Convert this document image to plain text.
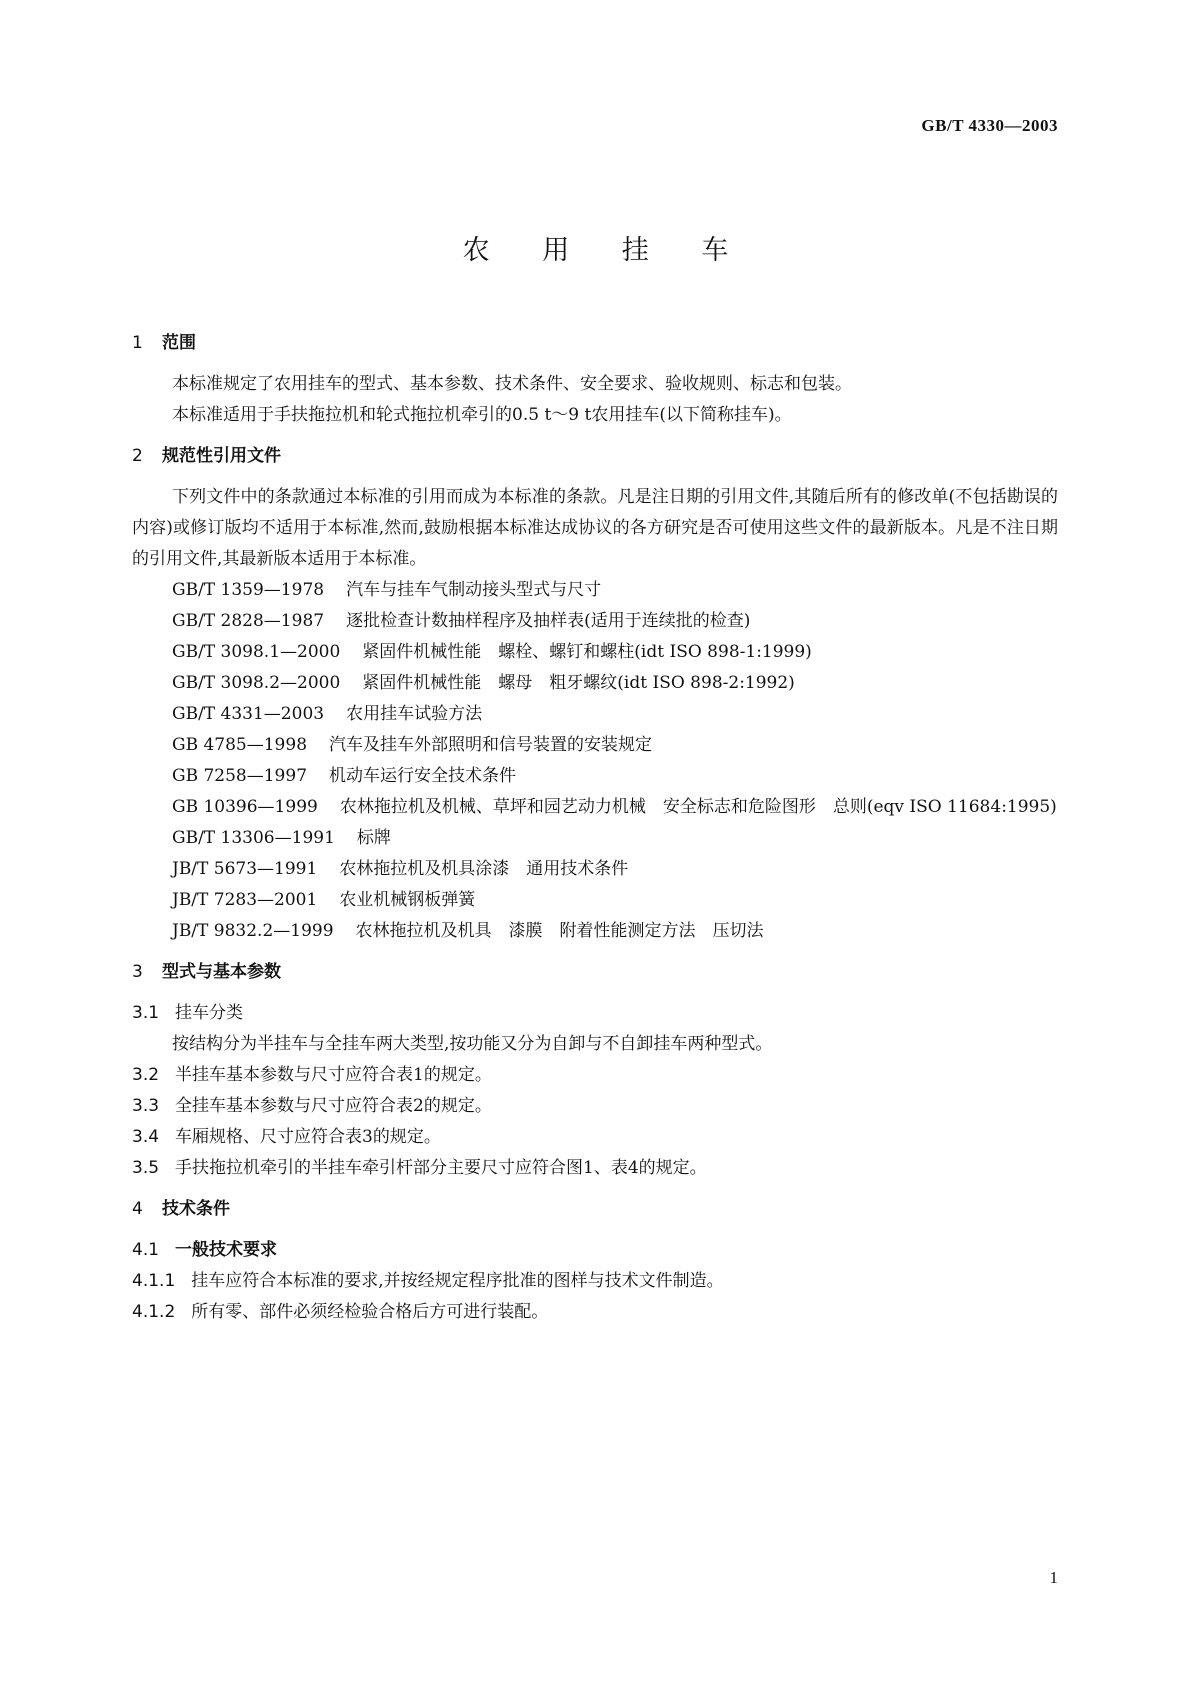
GB/T 4330—2003
农 用 挂 车
1 范围
本标准规定了农用挂车的型式、基本参数、技术条件、安全要求、验收规则、标志和包装。
本标准适用于手扶拖拉机和轮式拖拉机牵引的0.5 t～9 t农用挂车(以下简称挂车)。
2 规范性引用文件
下列文件中的条款通过本标准的引用而成为本标准的条款。凡是注日期的引用文件,其随后所有的修改单(不包括勘误的内容)或修订版均不适用于本标准,然而,鼓励根据本标准达成协议的各方研究是否可使用这些文件的最新版本。凡是不注日期的引用文件,其最新版本适用于本标准。
GB/T 1359—1978 汽车与挂车气制动接头型式与尺寸
GB/T 2828—1987 逐批检查计数抽样程序及抽样表(适用于连续批的检查)
GB/T 3098.1—2000 紧固件机械性能　螺栓、螺钉和螺柱(idt ISO 898-1:1999)
GB/T 3098.2—2000 紧固件机械性能　螺母　粗牙螺纹(idt ISO 898-2:1992)
GB/T 4331—2003 农用挂车试验方法
GB 4785—1998 汽车及挂车外部照明和信号装置的安装规定
GB 7258—1997 机动车运行安全技术条件
GB 10396—1999 农林拖拉机及机械、草坪和园艺动力机械　安全标志和危险图形　总则(eqv ISO 11684:1995)
GB/T 13306—1991 标牌
JB/T 5673—1991 农林拖拉机及机具涂漆　通用技术条件
JB/T 7283—2001 农业机械钢板弹簧
JB/T 9832.2—1999 农林拖拉机及机具　漆膜　附着性能测定方法　压切法
3 型式与基本参数
3.1 挂车分类
按结构分为半挂车与全挂车两大类型,按功能又分为自卸与不自卸挂车两种型式。
3.2 半挂车基本参数与尺寸应符合表1的规定。
3.3 全挂车基本参数与尺寸应符合表2的规定。
3.4 车厢规格、尺寸应符合表3的规定。
3.5 手扶拖拉机牵引的半挂车牵引杆部分主要尺寸应符合图1、表4的规定。
4 技术条件
4.1 一般技术要求
4.1.1 挂车应符合本标准的要求,并按经规定程序批准的图样与技术文件制造。
4.1.2 所有零、部件必须经检验合格后方可进行装配。
1
